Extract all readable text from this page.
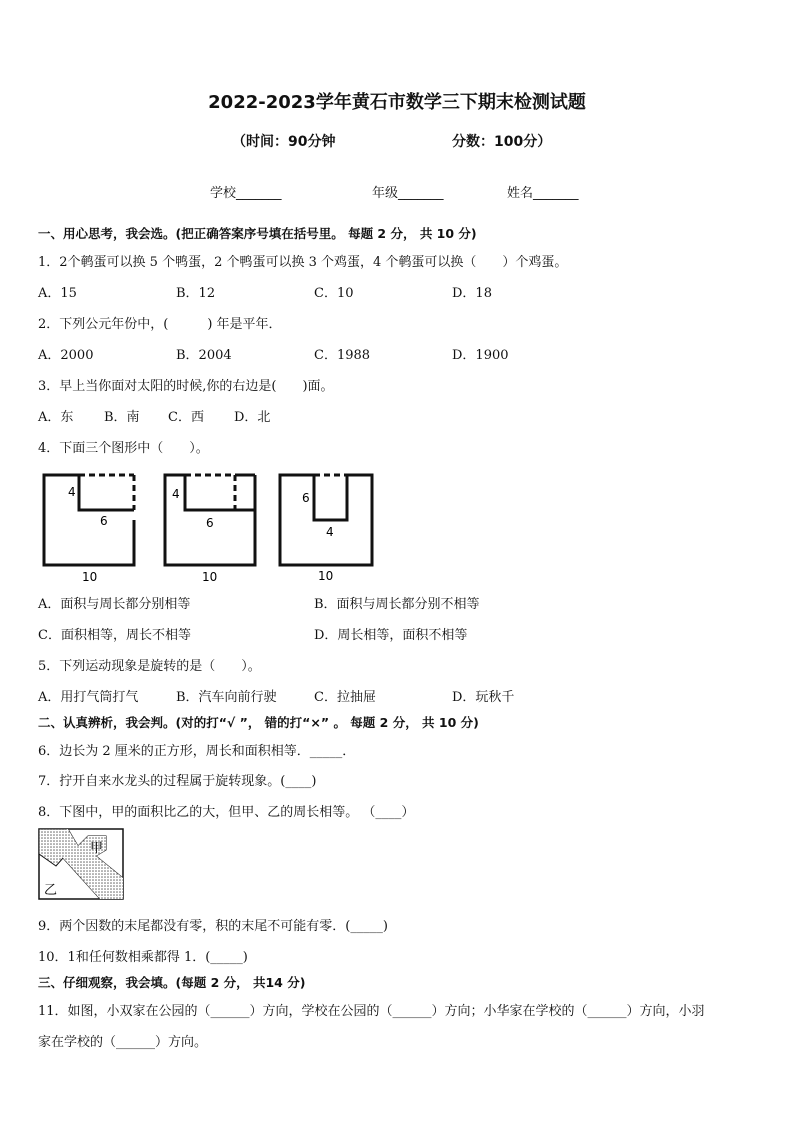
2022-2023学年黄石市数学三下期末检测试题
（时间：90分钟	分数：100分）
学校_______	年级_______	姓名_______
一、用心思考，我会选。(把正确答案序号填在括号里。 每题 2 分， 共 10 分)
1．2个鹌蛋可以换 5 个鸭蛋，2 个鸭蛋可以换 3 个鸡蛋，4 个鹌蛋可以换（　　）个鸡蛋。
A．15	B．12	C．10	D．18
2．下列公元年份中，(　　　) 年是平年．
A．2000	B．2004	C．1988	D．1900
3．早上当你面对太阳的时候,你的右边是(　　)面。
A．东 B．南 C．西 D．北
4．下面三个图形中（　　）。
4
6
10
4
6
10
6
4
10
A．面积与周长都分别相等	B．面积与周长都分别不相等
C．面积相等，周长不相等	D．周长相等，面积不相等
5．下列运动现象是旋转的是（　　）。
A．用打气筒打气	B．汽车向前行驶	C．拉抽屉	D．玩秋千
二、认真辨析，我会判。(对的打“√ ”， 错的打“×” 。 每题 2 分， 共 10 分)
6．边长为 2 厘米的正方形，周长和面积相等．_____．
7．拧开自来水龙头的过程属于旋转现象。(____)
8．下图中，甲的面积比乙的大，但甲、乙的周长相等。 （____）
甲
乙
9．两个因数的末尾都没有零，积的末尾不可能有零．(_____)
10．1和任何数相乘都得 1．(_____)
三、仔细观察，我会填。(每题 2 分， 共14 分)
11．如图，小双家在公园的（______）方向，学校在公园的（______）方向；小华家在学校的（______）方向，小羽
家在学校的（______）方向。
